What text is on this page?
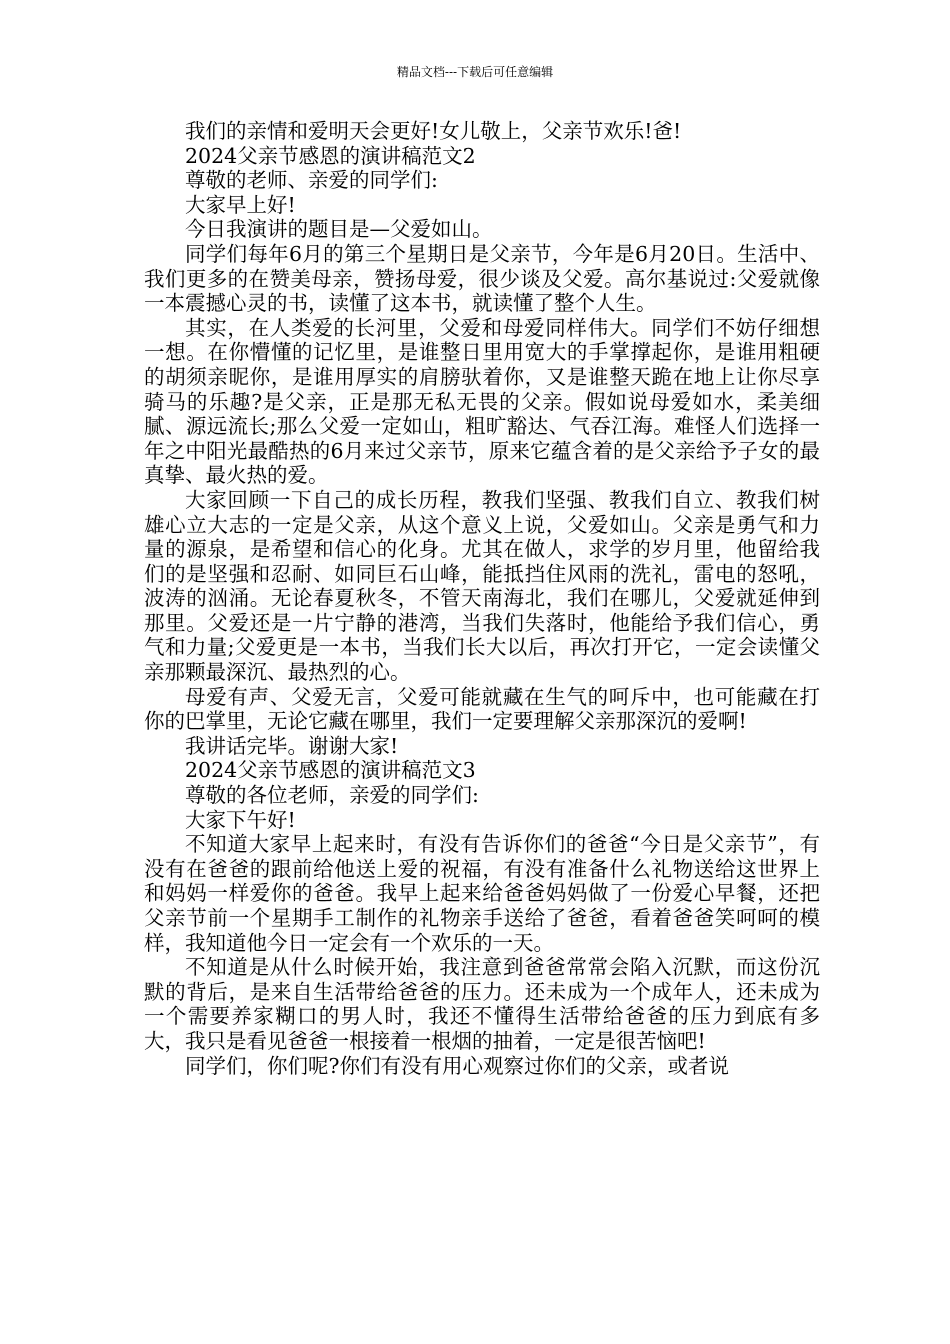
精品文档---下载后可任意编辑

我们的亲情和爱明天会更好!女儿敬上，父亲节欢乐!爸!

2024父亲节感恩的演讲稿范文2

尊敬的老师、亲爱的同学们:

大家早上好!

今日我演讲的题目是—父爱如山。

同学们每年6月的第三个星期日是父亲节，今年是6月20日。生活中、我们更多的在赞美母亲，赞扬母爱，很少谈及父爱。高尔基说过:父爱就像一本震撼心灵的书，读懂了这本书，就读懂了整个人生。

其实，在人类爱的长河里，父爱和母爱同样伟大。同学们不妨仔细想一想。在你懵懂的记忆里，是谁整日里用宽大的手掌撑起你，是谁用粗硬的胡须亲昵你，是谁用厚实的肩膀驮着你，又是谁整天跪在地上让你尽享骑马的乐趣?是父亲，正是那无私无畏的父亲。假如说母爱如水，柔美细腻、源远流长;那么父爱一定如山，粗旷豁达、气吞江海。难怪人们选择一年之中阳光最酷热的6月来过父亲节，原来它蕴含着的是父亲给予子女的最真挚、最火热的爱。

大家回顾一下自己的成长历程，教我们坚强、教我们自立、教我们树雄心立大志的一定是父亲，从这个意义上说，父爱如山。父亲是勇气和力量的源泉，是希望和信心的化身。尤其在做人，求学的岁月里，他留给我们的是坚强和忍耐、如同巨石山峰，能抵挡住风雨的洗礼，雷电的怒吼，波涛的汹涌。无论春夏秋冬，不管天南海北，我们在哪儿，父爱就延伸到那里。父爱还是一片宁静的港湾，当我们失落时，他能给予我们信心，勇气和力量;父爱更是一本书，当我们长大以后，再次打开它，一定会读懂父亲那颗最深沉、最热烈的心。

母爱有声、父爱无言，父爱可能就藏在生气的呵斥中，也可能藏在打你的巴掌里，无论它藏在哪里，我们一定要理解父亲那深沉的爱啊!

我讲话完毕。谢谢大家!

2024父亲节感恩的演讲稿范文3

尊敬的各位老师，亲爱的同学们:

大家下午好!

不知道大家早上起来时，有没有告诉你们的爸爸“今日是父亲节”，有没有在爸爸的跟前给他送上爱的祝福，有没有准备什么礼物送给这世界上和妈妈一样爱你的爸爸。我早上起来给爸爸妈妈做了一份爱心早餐，还把父亲节前一个星期手工制作的礼物亲手送给了爸爸，看着爸爸笑呵呵的模样，我知道他今日一定会有一个欢乐的一天。

不知道是从什么时候开始，我注意到爸爸常常会陷入沉默，而这份沉默的背后，是来自生活带给爸爸的压力。还未成为一个成年人，还未成为一个需要养家糊口的男人时，我还不懂得生活带给爸爸的压力到底有多大，我只是看见爸爸一根接着一根烟的抽着，一定是很苦恼吧!

同学们，你们呢?你们有没有用心观察过你们的父亲，或者说
